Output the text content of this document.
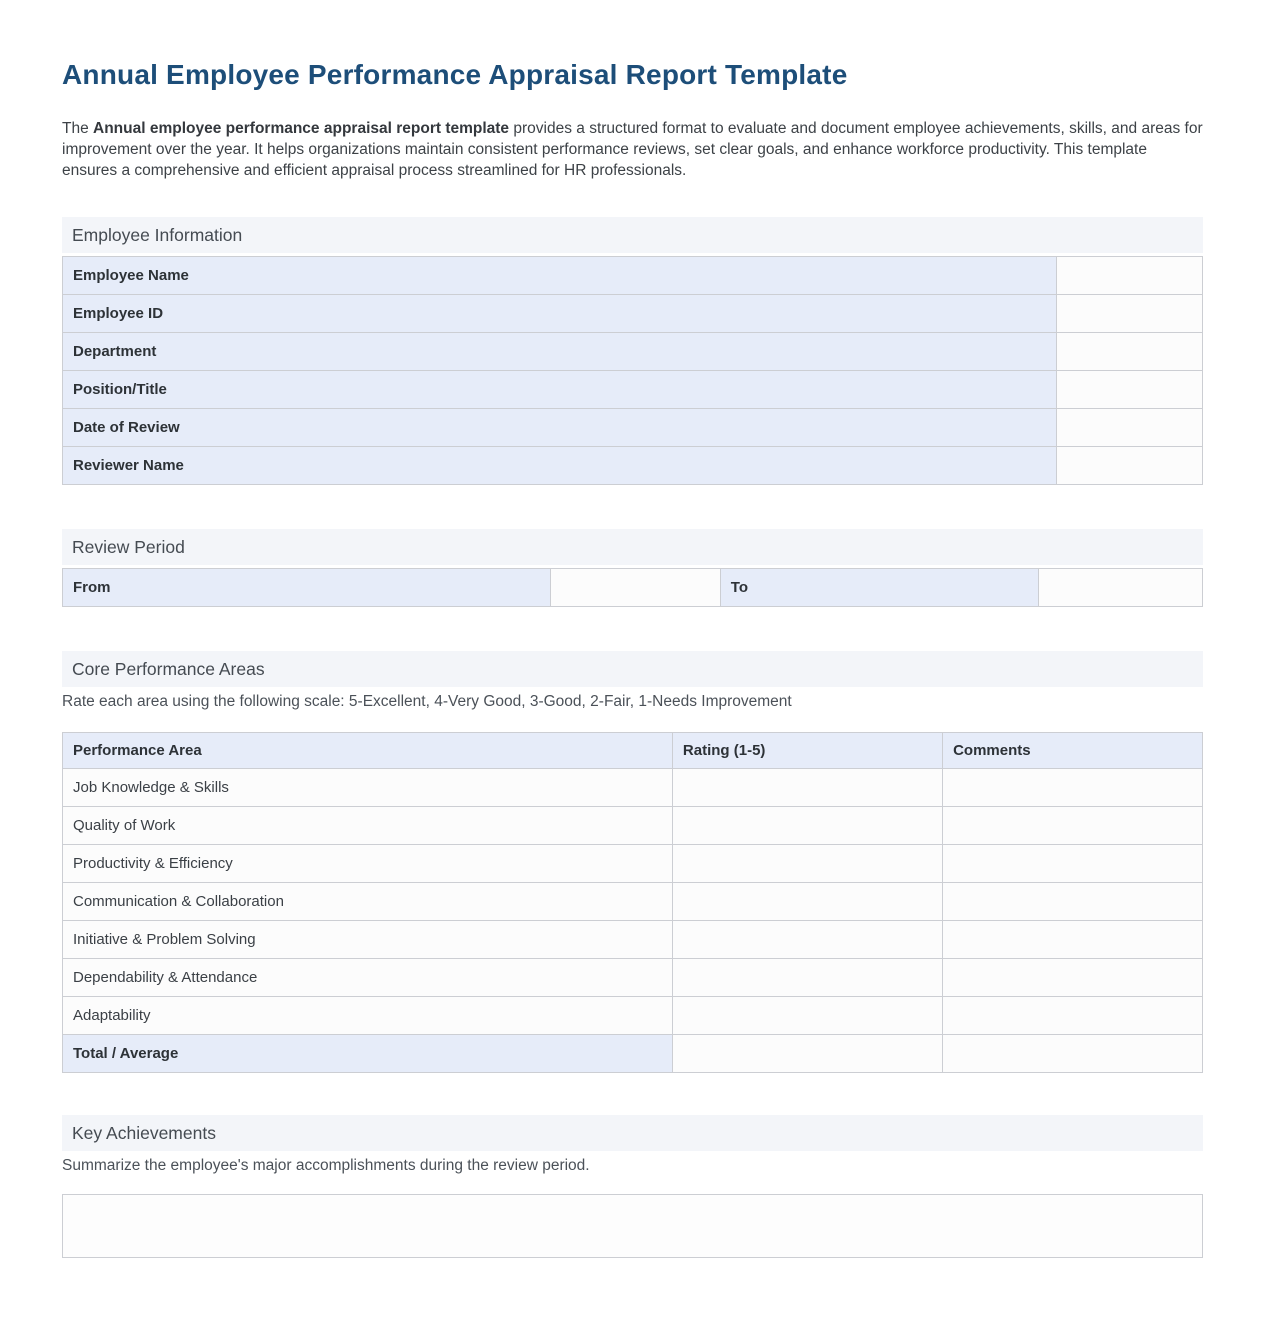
Annual Employee Performance Appraisal Report Template

The Annual employee performance appraisal report template provides a structured format to evaluate and document employee achievements, skills, and areas for improvement over the year. It helps organizations maintain consistent performance reviews, set clear goals, and enhance workforce productivity. This template ensures a comprehensive and efficient appraisal process streamlined for HR professionals.

Employee Information
Employee Name	
Employee ID	
Department	
Position/Title	
Date of Review	
Reviewer Name	
Review Period
From		To	
Core Performance Areas

Rate each area using the following scale: 5-Excellent, 4-Very Good, 3-Good, 2-Fair, 1-Needs Improvement

Performance Area	Rating (1-5)	Comments
Job Knowledge & Skills		
Quality of Work		
Productivity & Efficiency		
Communication & Collaboration		
Initiative & Problem Solving		
Dependability & Attendance		
Adaptability		
Total / Average		
Key Achievements

Summarize the employee's major accomplishments during the review period.
